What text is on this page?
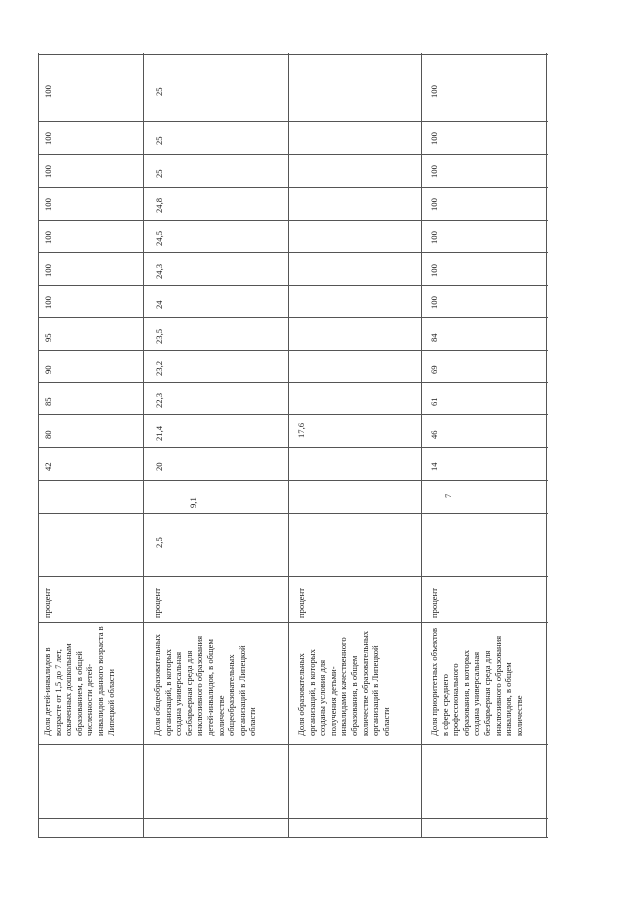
Доля детей-инвалидов в возрасте от 1,5 до 7 лет, охваченных дошкольным образованием, в общей численности детей-инвалидов данного возраста в Липецкой области
процент
42
80
85
90
95
100
100
100
100
100
100
100
Доля общеобразовательных организаций, в которых создана универсальная безбарьерная среда для инклюзивного образования детей-инвалидов, в общем количестве общеобразовательных организаций в Липецкой области
процент
2,5
9,1
20
21,4
22,3
23,2
23,5
24
24,3
24,5
24,8
25
25
25
Доля образовательных организаций, в которых созданы условия для получения детьми-инвалидами качественного образования, в общем количестве образовательных организаций в Липецкой области
процент
17,6
Доля приоритетных объектов в сфере среднего профессионального образования, в которых создана универсальная безбарьерная среда для инклюзивного образования инвалидов, в общем количестве
процент
7
14
46
61
69
84
100
100
100
100
100
100
100
